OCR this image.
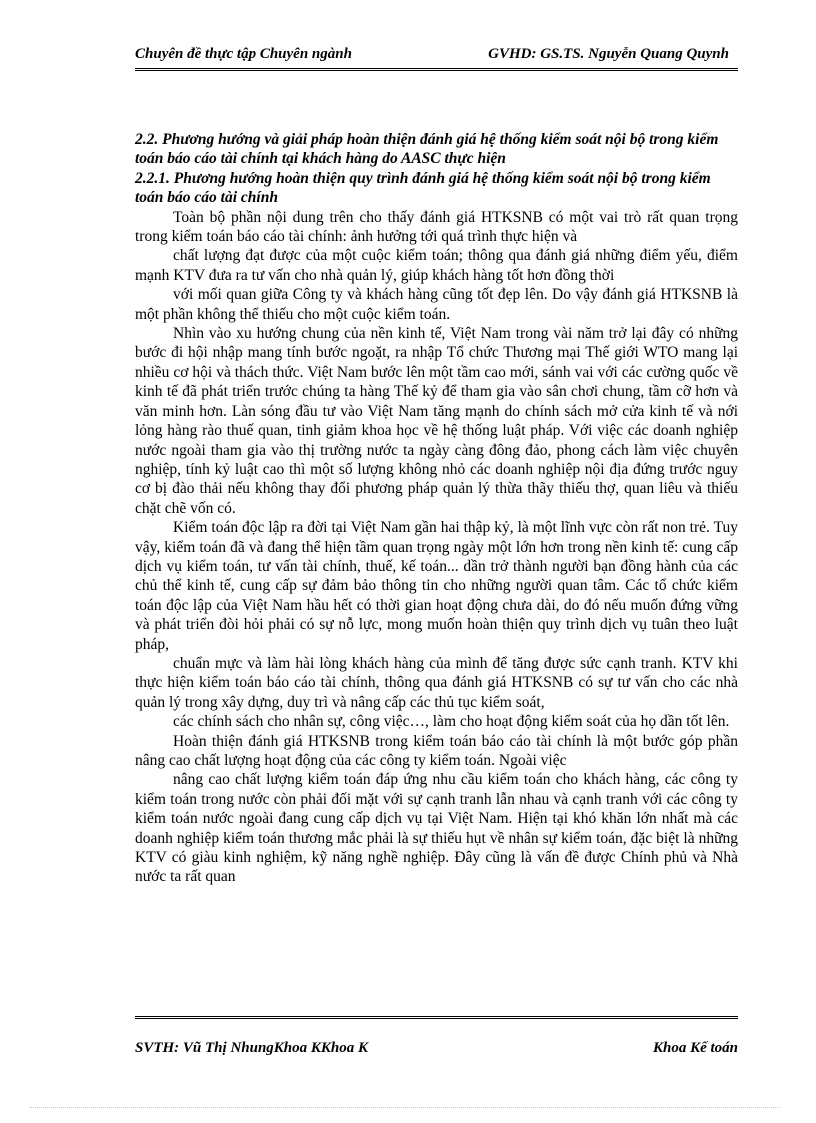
Chuyên đề thực tập Chuyên ngành	GVHD: GS.TS. Nguyễn Quang Quynh
2.2. Phương hướng và giải pháp hoàn thiện đánh giá hệ thống kiểm soát nội bộ trong kiểm toán báo cáo tài chính tại khách hàng do AASC thực hiện
2.2.1. Phương hướng hoàn thiện quy trình đánh giá hệ thống kiểm soát nội bộ trong kiểm toán báo cáo tài chính

Toàn bộ phần nội dung trên cho thấy đánh giá HTKSNB có một vai trò rất quan trọng trong kiểm toán báo cáo tài chính: ảnh hưởng tới quá trình thực hiện và

chất lượng đạt được của một cuộc kiểm toán; thông qua đánh giá những điểm yếu, điểm mạnh KTV đưa ra tư vấn cho nhà quản lý, giúp khách hàng tốt hơn đồng thời

với mối quan giữa Công ty và khách hàng cũng tốt đẹp lên. Do vậy đánh giá HTKSNB là một phần không thể thiếu cho một cuộc kiểm toán.

Nhìn vào xu hướng chung của nền kinh tế, Việt Nam trong vài năm trở lại đây có những bước đi hội nhập mang tính bước ngoặt, ra nhập Tổ chức Thương mại Thế giới WTO mang lại nhiều cơ hội và thách thức. Việt Nam bước lên một tầm cao mới, sánh vai với các cường quốc về kinh tế đã phát triển trước chúng ta hàng Thế kỷ để tham gia vào sân chơi chung, tầm cỡ hơn và văn minh hơn. Làn sóng đầu tư vào Việt Nam tăng mạnh do chính sách mở cửa kinh tế và nới lỏng hàng rào thuế quan, tinh giảm khoa học về hệ thống luật pháp. Với việc các doanh nghiệp nước ngoài tham gia vào thị trường nước ta ngày càng đông đảo, phong cách làm việc chuyên nghiệp, tính kỷ luật cao thì một số lượng không nhỏ các doanh nghiệp nội địa đứng trước nguy cơ bị đào thải nếu không thay đổi phương pháp quản lý thừa thãy thiếu thợ, quan liêu và thiếu chặt chẽ vốn có.

Kiểm toán độc lập ra đời tại Việt Nam gần hai thập kỷ, là một lĩnh vực còn rất non trẻ. Tuy vậy, kiểm toán đã và đang thể hiện tầm quan trọng ngày một lớn hơn trong nền kinh tế: cung cấp dịch vụ kiểm toán, tư vấn tài chính, thuế, kế toán... dần trở thành người bạn đồng hành của các chủ thể kinh tế, cung cấp sự đảm bảo thông tin cho những người quan tâm. Các tổ chức kiểm toán độc lập của Việt Nam hầu hết có thời gian hoạt động chưa dài, do đó nếu muốn đứng vững và phát triển đòi hỏi phải có sự nỗ lực, mong muốn hoàn thiện quy trình dịch vụ tuân theo luật pháp,

chuẩn mực và làm hài lòng khách hàng của mình để tăng được sức cạnh tranh. KTV khi thực hiện kiểm toán báo cáo tài chính, thông qua đánh giá HTKSNB có sự tư vấn cho các nhà quản lý trong xây dựng, duy trì và nâng cấp các thủ tục kiểm soát,

các chính sách cho nhân sự, công việc…, làm cho hoạt động kiểm soát của họ dần tốt lên.

Hoàn thiện đánh giá HTKSNB trong kiểm toán báo cáo tài chính là một bước góp phần nâng cao chất lượng hoạt động của các công ty kiểm toán. Ngoài việc

nâng cao chất lượng kiểm toán đáp ứng nhu cầu kiểm toán cho khách hàng, các công ty kiểm toán trong nước còn phải đối mặt với sự cạnh tranh lẫn nhau và cạnh tranh với các công ty kiểm toán nước ngoài đang cung cấp dịch vụ tại Việt Nam. Hiện tại khó khăn lớn nhất mà các doanh nghiệp kiểm toán thương mắc phải là sự thiếu hụt về nhân sự kiểm toán, đặc biệt là những KTV có giàu kinh nghiệm, kỹ năng nghề nghiệp. Đây cũng là vấn đề được Chính phủ và Nhà nước ta rất quan

SVTH: Vũ Thị NhungKhoa KKhoa K	Khoa Kế toán
